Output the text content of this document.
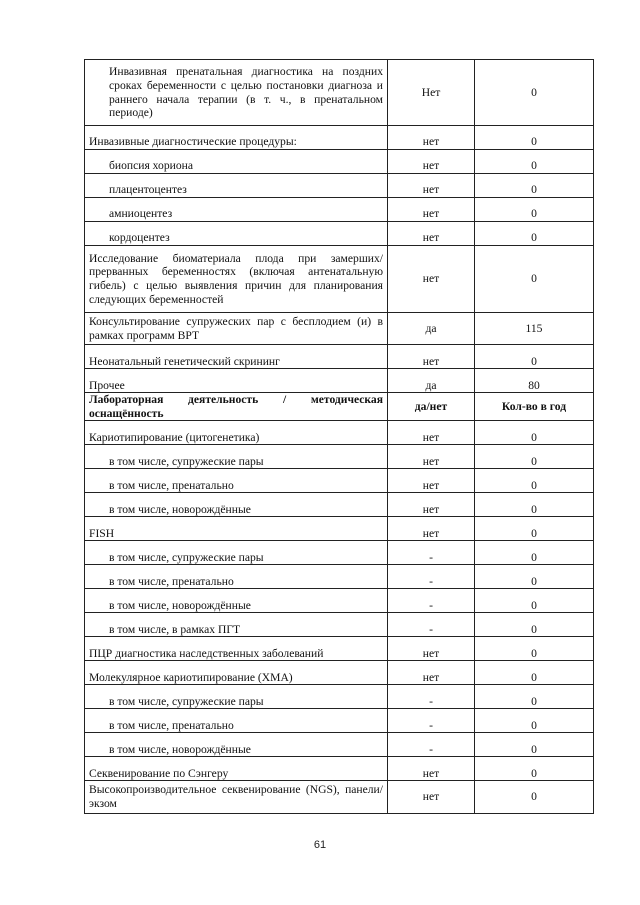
Инвазивная пренатальная диагностика на поздних сроках беременности с целью постановки диагноза и раннего начала терапии (в т. ч., в пренатальном периоде)	Нет	0
Инвазивные диагностические процедуры:	нет	0
биопсия хориона	нет	0
плацентоцентез	нет	0
амниоцентез	нет	0
кордоцентез	нет	0
Исследование биоматериала плода при замерших/прерванных беременностях (включая антенатальную гибель) с целью выявления причин для планирования следующих беременностей	нет	0
Консультирование супружеских пар с бесплодием (и) в рамках программ ВРТ	да	115
Неонатальный генетический скрининг	нет	0
Прочее	да	80
Лабораторная деятельность / методическая оснащённость	да/нет	Кол-во в год
Кариотипирование (цитогенетика)	нет	0
в том числе, супружеские пары	нет	0
в том числе, пренатально	нет	0
в том числе, новорождённые	нет	0
FISH	нет	0
в том числе, супружеские пары	-	0
в том числе, пренатально	-	0
в том числе, новорождённые	-	0
в том числе, в рамках ПГТ	-	0
ПЦР диагностика наследственных заболеваний	нет	0
Молекулярное кариотипирование (ХМА)	нет	0
в том числе, супружеские пары	-	0
в том числе, пренатально	-	0
в том числе, новорождённые	-	0
Секвенирование по Сэнгеру	нет	0
Высокопроизводительное секвенирование (NGS), панели/экзом	нет	0
61
